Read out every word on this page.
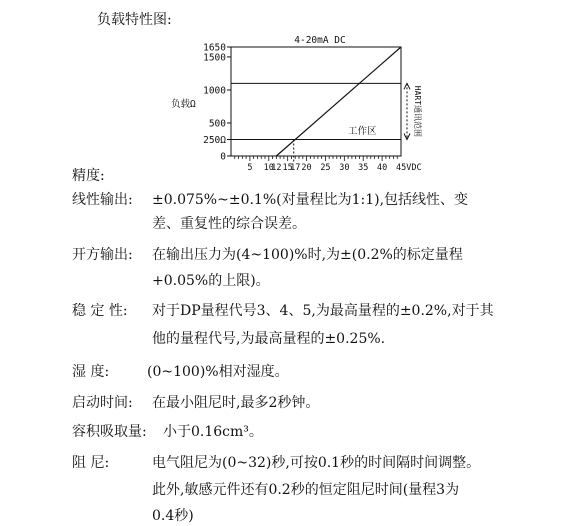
负载特性图:
4-20mA DC
1650
1500
1000
500
250Ω
0
负载Ω
5 10
12 15
17 20 25 30 35 40 45VDC
工作区	HART通讯范围
精度:
线性输出: ±0.075%~±0.1%(对量程比为1:1),包括线性、变
差、重复性的综合误差。
开方输出: 在输出压力为(4~100)%时,为±(0.2%的标定量程
+0.05%的上限)。
稳 定 性: 对于DP量程代号3、4、5,为最高量程的±0.2%,对于其
他的量程代号,为最高量程的±0.25%.
湿 度:	(0~100)%相对湿度。
启动时间: 在最小阻尼时,最多2秒钟。
容积吸取量: 小于0.16cm³。
阻 尼:	电气阻尼为(0~32)秒,可按0.1秒的时间隔时间调整。
此外,敏感元件还有0.2秒的恒定阻尼时间(量程3为
0.4秒)
